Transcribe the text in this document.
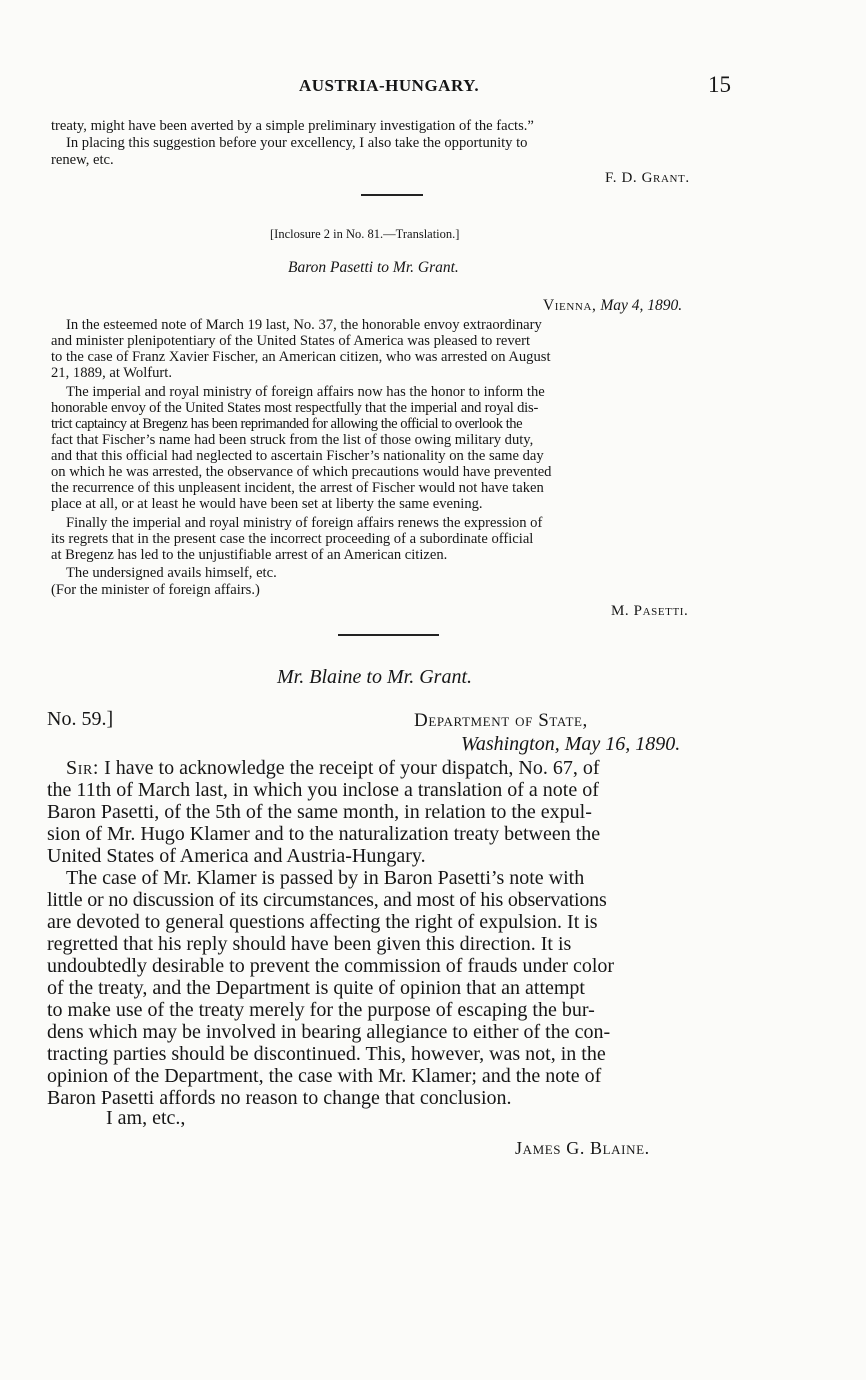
AUSTRIA-HUNGARY.	15
treaty, might have been averted by a simple preliminary investigation of the facts.”
In placing this suggestion before your excellency, I also take the opportunity to
renew, etc.
F. D. Grant.
[Inclosure 2 in No. 81.—Translation.]
Baron Pasetti to Mr. Grant.
Vienna, May 4, 1890.
In the esteemed note of March 19 last, No. 37, the honorable envoy extraordinary
and minister plenipotentiary of the United States of America was pleased to revert
to the case of Franz Xavier Fischer, an American citizen, who was arrested on August
21, 1889, at Wolfurt.
The imperial and royal ministry of foreign affairs now has the honor to inform the
honorable envoy of the United States most respectfully that the imperial and royal dis-
trict captaincy at Bregenz has been reprimanded for allowing the official to overlook the
fact that Fischer’s name had been struck from the list of those owing military duty,
and that this official had neglected to ascertain Fischer’s nationality on the same day
on which he was arrested, the observance of which precautions would have prevented
the recurrence of this unpleasent incident, the arrest of Fischer would not have taken
place at all, or at least he would have been set at liberty the same evening.
Finally the imperial and royal ministry of foreign affairs renews the expression of
its regrets that in the present case the incorrect proceeding of a subordinate official
at Bregenz has led to the unjustifiable arrest of an American citizen.
The undersigned avails himself, etc.
(For the minister of foreign affairs.)
M. Pasetti.
Mr. Blaine to Mr. Grant.
No. 59.]	Department of State,
Washington, May 16, 1890.
Sir: I have to acknowledge the receipt of your dispatch, No. 67, of
the 11th of March last, in which you inclose a translation of a note of
Baron Pasetti, of the 5th of the same month, in relation to the expul-
sion of Mr. Hugo Klamer and to the naturalization treaty between the
United States of America and Austria-Hungary.
The case of Mr. Klamer is passed by in Baron Pasetti’s note with
little or no discussion of its circumstances, and most of his observations
are devoted to general questions affecting the right of expulsion. It is
regretted that his reply should have been given this direction. It is
undoubtedly desirable to prevent the commission of frauds under color
of the treaty, and the Department is quite of opinion that an attempt
to make use of the treaty merely for the purpose of escaping the bur-
dens which may be involved in bearing allegiance to either of the con-
tracting parties should be discontinued. This, however, was not, in the
opinion of the Department, the case with Mr. Klamer; and the note of
Baron Pasetti affords no reason to change that conclusion.
I am, etc.,
James G. Blaine.
